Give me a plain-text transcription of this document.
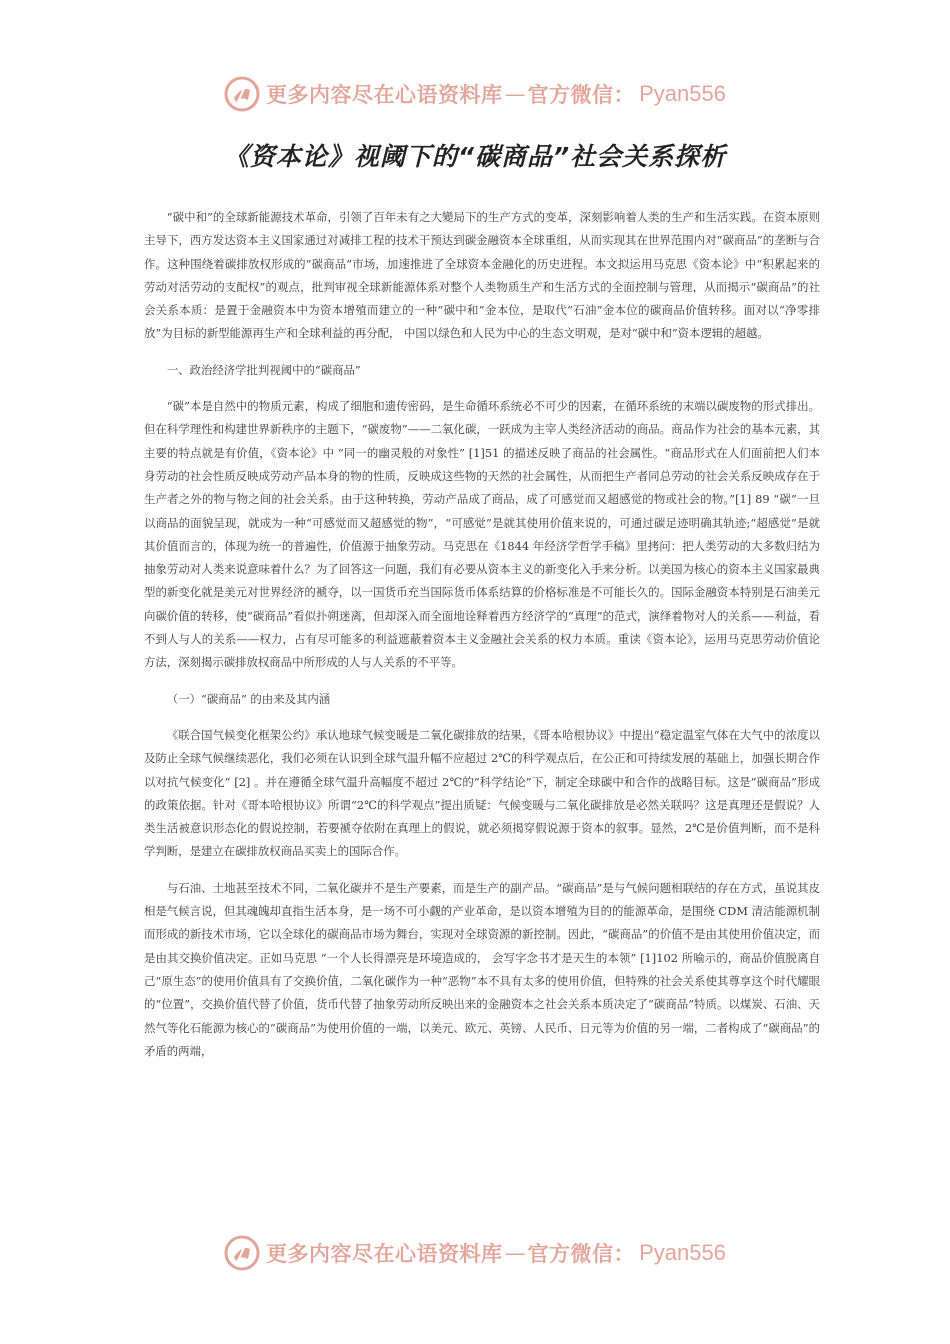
更多内容尽在心语资料库 — 官方微信： Pyan556
《资本论》视阈下的“碳商品”社会关系探析

“碳中和”的全球新能源技术革命，引领了百年未有之大變局下的生产方式的变革，深刻影响着人类的生产和生活实践。在资本原则主导下，西方发达资本主义国家通过对减排工程的技术干预达到碳金融资本全球重组，从而实现其在世界范围内对“碳商品”的垄断与合作。这种围绕着碳排放权形成的“碳商品”市场，加速推进了全球资本金融化的历史进程。本文拟运用马克思《资本论》中“积累起来的劳动对活劳动的支配权”的观点，批判审视全球新能源体系对整个人类物质生产和生活方式的全面控制与管理，从而揭示“碳商品”的社会关系本质：是置于金融资本中为资本增殖而建立的一种“碳中和”金本位，是取代“石油”金本位的碳商品价值转移。面对以“净零排放”为目标的新型能源再生产和全球利益的再分配， 中国以绿色和人民为中心的生态文明观，是对“碳中和”资本逻辑的超越。

一、政治经济学批判视阈中的“碳商品”

“碳”本是自然中的物质元素，构成了细胞和遗传密码，是生命循环系统必不可少的因素，在循环系统的末端以碳废物的形式排出。但在科学理性和构建世界新秩序的主题下，“碳废物”——二氧化碳，一跃成为主宰人类经济活动的商品。商品作为社会的基本元素，其主要的特点就是有价值，《资本论》中 “同一的幽灵般的对象性” [1]51 的描述反映了商品的社会属性。“商品形式在人们面前把人们本身劳动的社会性质反映成劳动产品本身的物的性质，反映成这些物的天然的社会属性，从而把生产者同总劳动的社会关系反映成存在于生产者之外的物与物之间的社会关系。由于这种转换，劳动产品成了商品，成了可感觉而又超感觉的物或社会的物。”[1] 89 “碳”一旦以商品的面貌呈现，就成为一种“可感觉而又超感觉的物”，“可感觉”是就其使用价值来说的，可通过碳足迹明确其轨迹;“超感觉”是就其价值而言的，体现为统一的普遍性，价值源于抽象劳动。马克思在《1844 年经济学哲学手稿》里拷问：把人类劳动的大多数归结为抽象劳动对人类来说意味着什么？为了回答这一问题，我们有必要从资本主义的新变化入手来分析。以美国为核心的资本主义国家最典型的新变化就是美元对世界经济的褫夺，以一国货币充当国际货币体系结算的价格标准是不可能长久的。国际金融资本特别是石油美元向碳价值的转移，使“碳商品”看似扑朔迷离，但却深入而全面地诠释着西方经济学的“真理”的范式，演绎着物对人的关系——利益，看不到人与人的关系——权力，占有尽可能多的利益遮蔽着资本主义金融社会关系的权力本质。重读《资本论》，运用马克思劳动价值论方法，深刻揭示碳排放权商品中所形成的人与人关系的不平等。

（一）“碳商品” 的由来及其内涵

《联合国气候变化框架公约》承认地球气候变暖是二氧化碳排放的结果，《哥本哈根协议》中提出“稳定温室气体在大气中的浓度以及防止全球气候继续恶化，我们必须在认识到全球气温升幅不应超过 2℃的科学观点后，在公正和可持续发展的基础上，加强长期合作以对抗气候变化” [2] 。并在遵循全球气温升高幅度不超过 2℃的“科学结论”下，制定全球碳中和合作的战略目标。这是“碳商品”形成的政策依据。针对《哥本哈根协议》所谓“2℃的科学观点”提出质疑：气候变暖与二氧化碳排放是必然关联吗？这是真理还是假说？人类生活被意识形态化的假说控制，若要褫夺依附在真理上的假说，就必须揭穿假说源于资本的叙事。显然，2℃是价值判断，而不是科学判断，是建立在碳排放权商品买卖上的国际合作。

与石油、土地甚至技术不同，二氧化碳并不是生产要素，而是生产的副产品。“碳商品”是与气候问题相联结的存在方式，虽说其皮相是气候言说，但其魂魄却直指生活本身，是一场不可小觑的产业革命，是以资本增殖为目的的能源革命，是围绕 CDM 清洁能源机制而形成的新技术市场，它以全球化的碳商品市场为舞台，实现对全球资源的新控制。因此，“碳商品”的价值不是由其使用价值决定，而是由其交换价值决定。正如马克思 “一个人长得漂亮是环境造成的， 会写字念书才是天生的本领” [1]102 所喻示的，商品价值脱离自己“原生态”的使用价值具有了交换价值，二氧化碳作为一种“恶物”本不具有太多的使用价值，但特殊的社会关系使其尊享这个时代耀眼的“位置”，交换价值代替了价值，货币代替了抽象劳动所反映出来的金融资本之社会关系本质决定了“碳商品”特质。以煤炭、石油、天然气等化石能源为核心的“碳商品”为使用价值的一端，以美元、欧元、英镑、人民币、日元等为价值的另一端，二者构成了“碳商品”的矛盾的两端，

更多内容尽在心语资料库 — 官方微信： Pyan556
